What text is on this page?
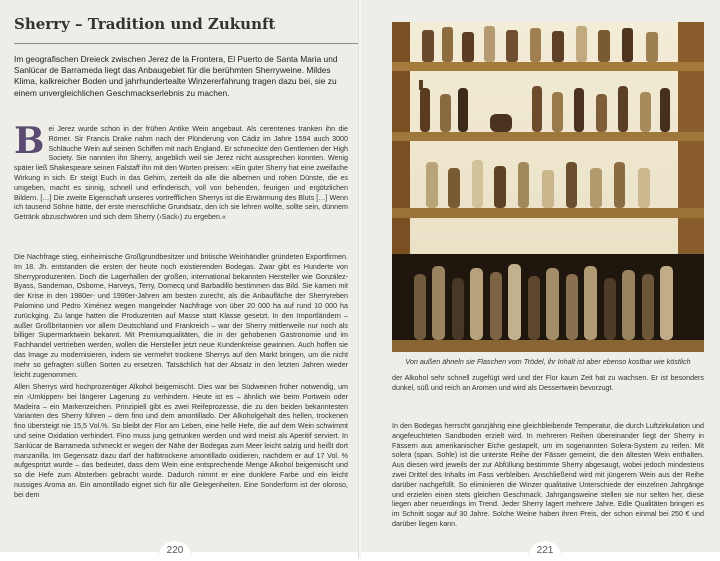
Sherry – Tradition und Zukunft

Im geografischen Dreieck zwischen Jerez de la Frontera, El Puerto de Santa Maria und Sanlúcar de Barrameda liegt das Anbaugebiet für die berühmten Sherryweine. Mildes Klima, kalkreicher Boden und jahrhundertealte Winzererfahrung tragen dazu bei, sie zu einem unvergleichlichen Geschmackserlebnis zu machen.

Bei Jerez wurde schon in der frühen Antike Wein angebaut. Als cerentenes tranken ihn die Römer. Sir Francis Drake nahm nach der Plünderung von Cádiz im Jahre 1594 auch 3000 Schläuche Wein auf seinen Schiffen mit nach England. Er schmeckte den Gentlemen der High Society. Sie nannten ihn Sherry, angeblich weil sie Jerez nicht aussprechen konnten. Wenig später ließ Shakespeare seinen Falstaff ihn mit den Worten preisen: »Ein guter Sherry hat eine zweifache Wirkung in sich. Er steigt Euch in das Gehirn, zerteilt da alle die albernen und rohen Dünste, die es umgeben, macht es sinnig, schnell und erfinderisch, voll von behenden, feurigen und ergötzlichen Bildern. […] Die zweite Eigenschaft unseres vortrefflichen Sherrys ist die Erwärmung des Bluts […] Wenn ich tausend Söhne hätte, der erste menschliche Grundsatz, den ich sie lehren wollte, sollte sein, dünnem Getränk abzuschwören und sich dem Sherry (›Sack‹) zu ergeben.«

Die Nachfrage stieg, einheimische Großgrundbesitzer und britische Weinhändler gründeten Exportfirmen. Im 18. Jh. entstanden die ersten der heute noch existierenden Bodegas. Zwar gibt es Hunderte von Sherryproduzenten. Doch die Lagerhallen der großen, international bekannten Hersteller wie González-Byass, Sandeman, Osborne, Harveys, Terry, Domecq und Barbadillo bestimmen das Bild. Sie kamen mit der Krise in den 1980er- und 1990er-Jahren am besten zurecht, als die Anbaufläche der Sherryreben Palomino und Pedro Ximénez wegen mangelnder Nachfrage von über 20 000 ha auf rund 10 000 ha zurückging. Zu lange hatten die Produzenten auf Masse statt Klasse gesetzt. In den Importländern – außer Großbritannien vor allem Deutschland und Frankreich – war der Sherry mittlerweile nur noch als billiger Supermarktwein bekannt. Mit Premiumqualitäten, die in der gehobenen Gastronomie und im Fachhandel vertrieben werden, wollen die Hersteller jetzt neue Kundenkreise gewinnen. Auch hoffen sie das Image zu modernisieren, indem sie vermehrt trockene Sherrys auf den Markt bringen, um die nicht mehr so gefragten süßen Sorten zu ersetzen. Tatsächlich hat der Absatz in den letzten Jahren wieder leicht zugenommen.

Allen Sherrys wird hochprozentiger Alkohol beigemischt. Dies war bei Südweinen früher notwendig, um ein ›Umkippen‹ bei längerer Lagerung zu verhindern. Heute ist es – ähnlich wie beim Portwein oder Madeira – ein Markenzeichen. Prinzipiell gibt es zwei Reifeprozesse, die zu den beiden bekanntesten Varianten des Sherry führen – dem fino und dem amontillado. Der Alkoholgehalt des hellen, trockenen fino übersteigt nie 15,5 Vol.%. So bleibt der Flor am Leben, eine helle Hefe, die auf dem Wein schwimmt und seine Oxidation verhindert. Fino muss jung getrunken werden und wird meist als Aperitif serviert. In Sanlúcar de Barrameda schmeckt er wegen der Nähe der Bodegas zum Meer leicht salzig und heißt dort manzanilla. Im Gegensatz dazu darf der halbtrockene amontillado oxidieren, nachdem er auf 17 Vol. % aufgespritzt wurde – das bedeutet, dass dem Wein eine entsprechende Menge Alkohol beigemischt und so die Hefe zum Absterben gebracht wurde. Dadurch nimmt er eine dunklere Farbe und ein leicht nussiges Aroma an. Ein amontillado eignet sich für alle Gelegenheiten. Eine Sonderform ist der oloroso, bei dem

220

Von außen ähneln sie Flaschen vom Trödel, ihr Inhalt ist aber ebenso kostbar wie köstlich

der Alkohol sehr schnell zugefügt wird und der Flor kaum Zeit hat zu wachsen. Er ist besonders dunkel, süß und reich an Aromen und wird als Dessertwein bevorzugt.

In den Bodegas herrscht ganzjährig eine gleichbleibende Temperatur, die durch Luftzirkulation und angefeuchteten Sandboden erzielt wird. In mehreren Reihen übereinander liegt der Sherry in Fässern aus amerikanischer Eiche gestapelt, um im sogenannten Solera-System zu reifen. Mit solera (span. Sohle) ist die unterste Reihe der Fässer gemeint, die den ältesten Wein enthalten. Aus diesen wird jeweils der zur Abfüllung bestimmte Sherry abgesaugt, wobei jedoch mindestens zwei Drittel des Inhalts im Fass verbleiben. Anschließend wird mit jüngerem Wein aus der Reihe darüber nachgefüllt. So eliminieren die Winzer qualitative Unterschiede der einzelnen Jahrgänge und erzielen einen stets gleichen Geschmack. Jahrgangsweine stellen sie nur selten her, diese liegen aber neuerdings im Trend. Jeder Sherry lagert mehrere Jahre. Edle Qualitäten bringen es im Schnitt sogar auf 30 Jahre. Solche Weine haben ihren Preis, der schon einmal bei 250 € und darüber liegen kann.

221
